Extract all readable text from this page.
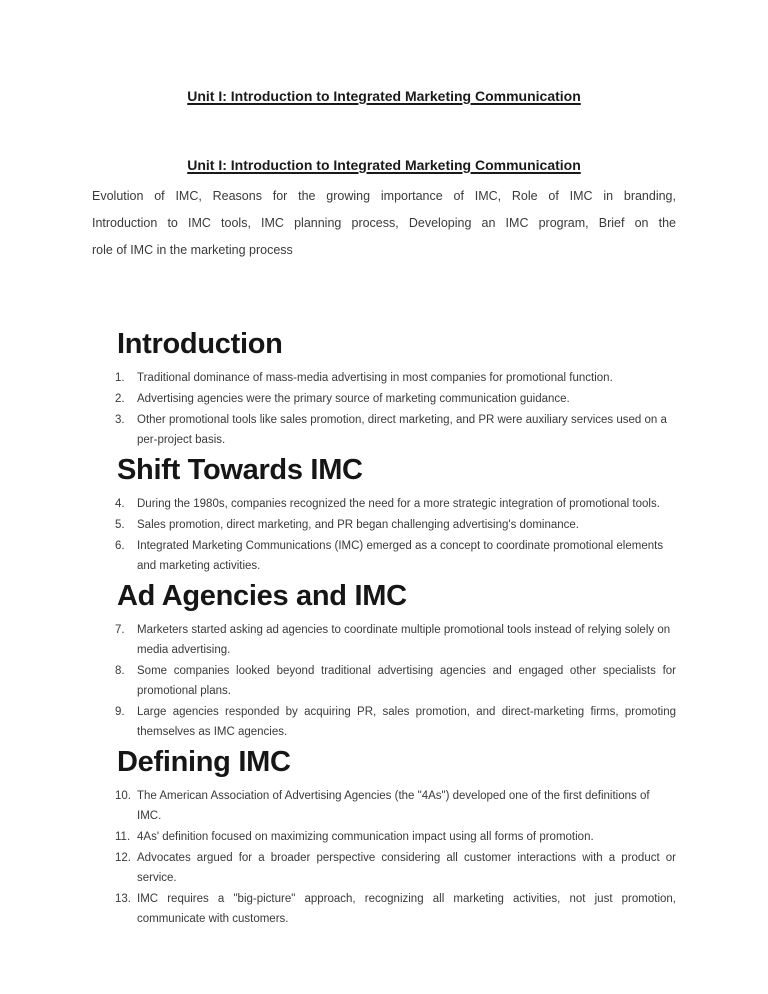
Unit I: Introduction to Integrated Marketing Communication
Unit I: Introduction to Integrated Marketing Communication
Evolution of IMC, Reasons for the growing importance of IMC, Role of IMC in branding,
Introduction to IMC tools, IMC planning process, Developing an IMC program, Brief on the
role of IMC in the marketing process
Introduction
1.	Traditional dominance of mass-media advertising in most companies for promotional function.
2.	Advertising agencies were the primary source of marketing communication guidance.
3.	Other promotional tools like sales promotion, direct marketing, and PR were auxiliary services used on a per-project basis.
Shift Towards IMC
4.	During the 1980s, companies recognized the need for a more strategic integration of promotional tools.
5.	Sales promotion, direct marketing, and PR began challenging advertising's dominance.
6.	Integrated Marketing Communications (IMC) emerged as a concept to coordinate promotional elements and marketing activities.
Ad Agencies and IMC
7.	Marketers started asking ad agencies to coordinate multiple promotional tools instead of relying solely on media advertising.
8.	Some companies looked beyond traditional advertising agencies and engaged other specialists for promotional plans.
9.	Large agencies responded by acquiring PR, sales promotion, and direct-marketing firms, promoting themselves as IMC agencies.
Defining IMC
10. The American Association of Advertising Agencies (the "4As") developed one of the first definitions of IMC.
11. 4As' definition focused on maximizing communication impact using all forms of promotion.
12. Advocates argued for a broader perspective considering all customer interactions with a product or service.
13. IMC requires a "big-picture" approach, recognizing all marketing activities, not just promotion, communicate with customers.
